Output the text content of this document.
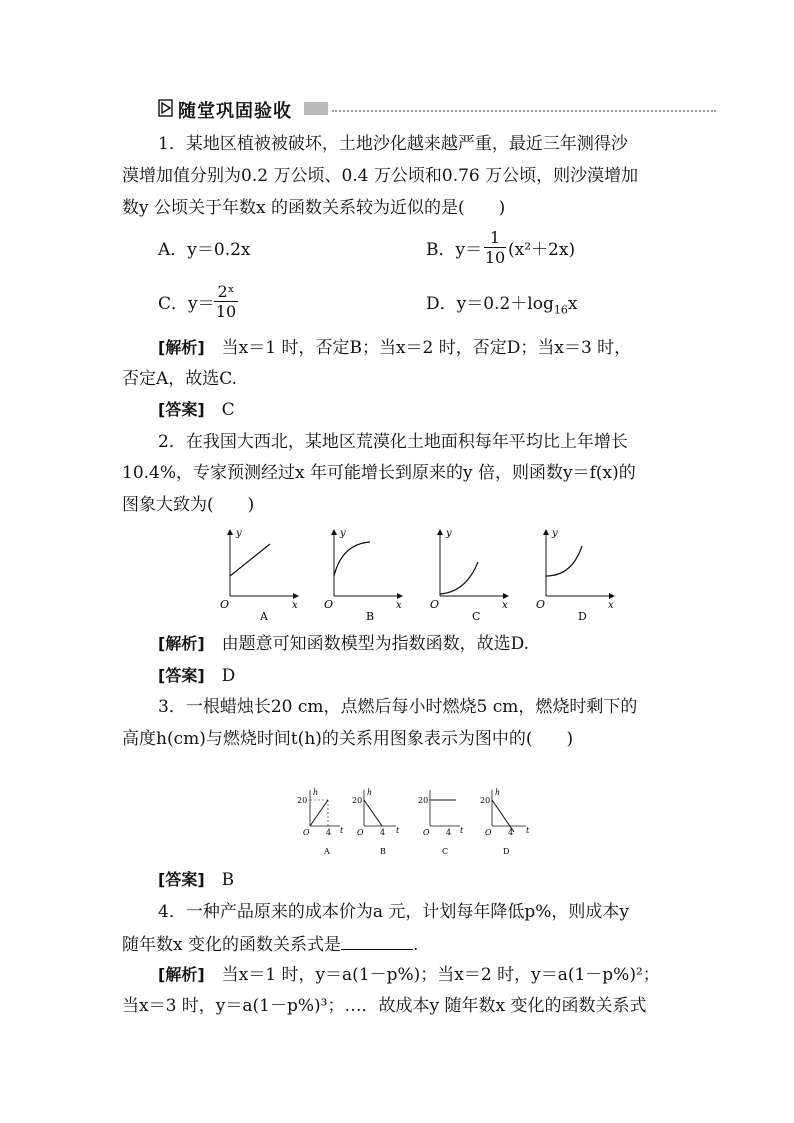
随堂巩固验收
1．某地区植被被破坏，土地沙化越来越严重，最近三年测得沙
漠增加值分别为0.2 万公顷、0.4 万公顷和0.76 万公顷，则沙漠增加
数y 公顷关于年数x 的函数关系较为近似的是(　　)
A．y＝0.2x	B．$y= \frac{1}{10} (x^2+2x)$
C．$y= \frac{\text{2ˣ}}{10}$	D．$y=0.2+\log_{16}x$
[解析]　当x＝1 时，否定B；当x＝2 时，否定D；当x＝3 时，
否定A，故选C.
[答案]　C
2．在我国大西北，某地区荒漠化土地面积每年平均比上年增长
10.4%，专家预测经过x 年可能增长到原来的y 倍，则函数y＝f(x)的
图象大致为(　　)
y
x
O
A
y
x
O
B
y
x
O
C
y
x
O
D
[解析]　由题意可知函数模型为指数函数，故选D.
[答案]　D
3．一根蜡烛长20 cm，点燃后每小时燃烧5 cm，燃烧时剩下的
高度h(cm)与燃烧时间t(h)的关系用图象表示为图中的(　　)
h
20
O 4 t
A
h
20
O 4 t
B
20
O 4 t
C
h
20
O 4 t
D
[答案]　B
4．一种产品原来的成本价为a 元，计划每年降低p%，则成本y
随年数x 变化的函数关系式是	.
[解析]　当x＝1 时，y＝a(1－p%)；当x＝2 时，y＝a(1－p%)²；
当x＝3 时，y＝a(1－p%)³；…．故成本y 随年数x 变化的函数关系式
